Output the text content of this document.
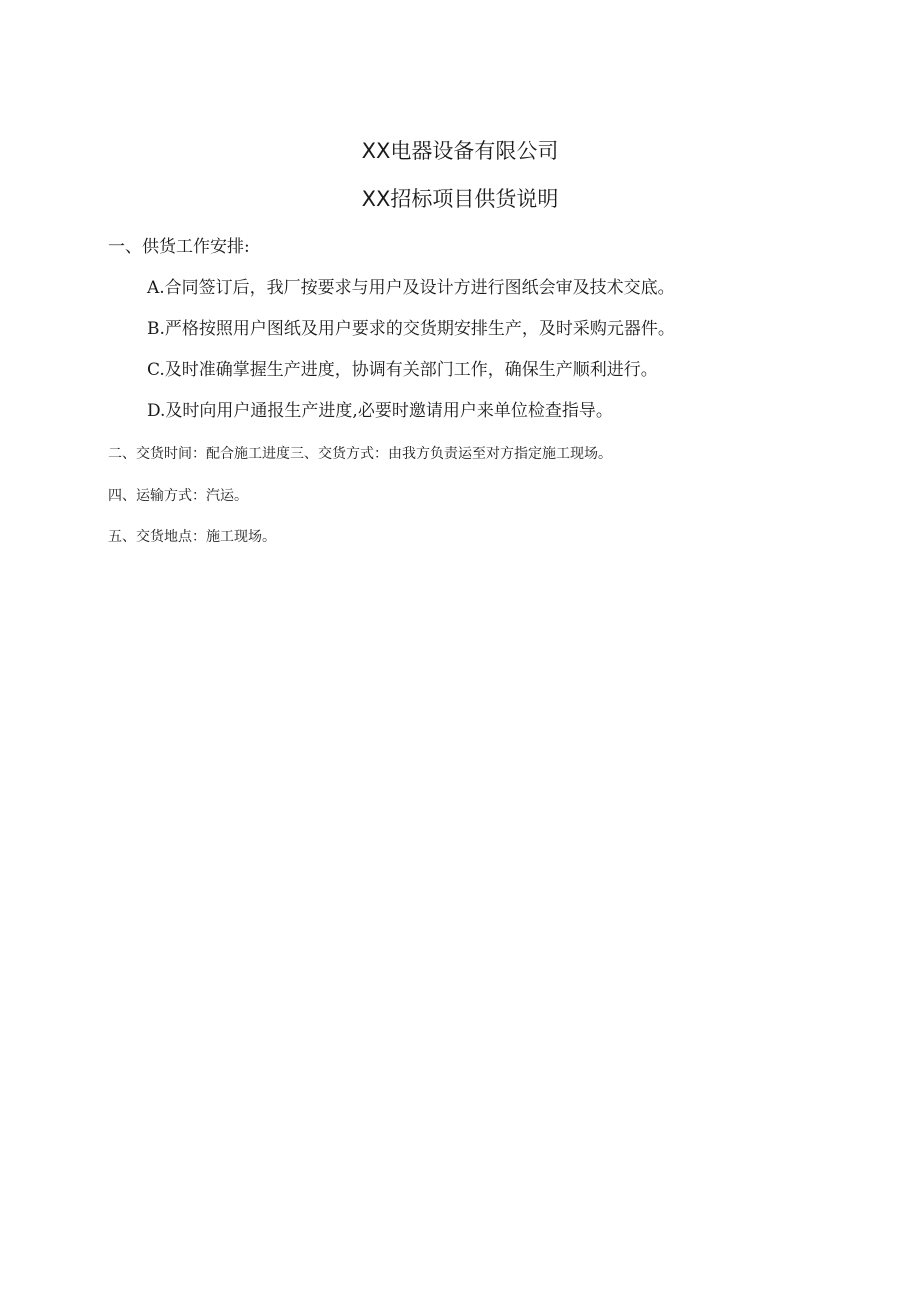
XX电器设备有限公司
XX招标项目供货说明
一、供货工作安排:
A.合同签订后，我厂按要求与用户及设计方进行图纸会审及技术交底。
B.严格按照用户图纸及用户要求的交货期安排生产，及时采购元器件。
C.及时准确掌握生产进度，协调有关部门工作，确保生产顺利进行。
D.及时向用户通报生产进度,必要时邀请用户来单位检查指导。
二、交货时间：配合施工进度三、交货方式：由我方负责运至对方指定施工现场。
四、运输方式：汽运。
五、交货地点：施工现场。
